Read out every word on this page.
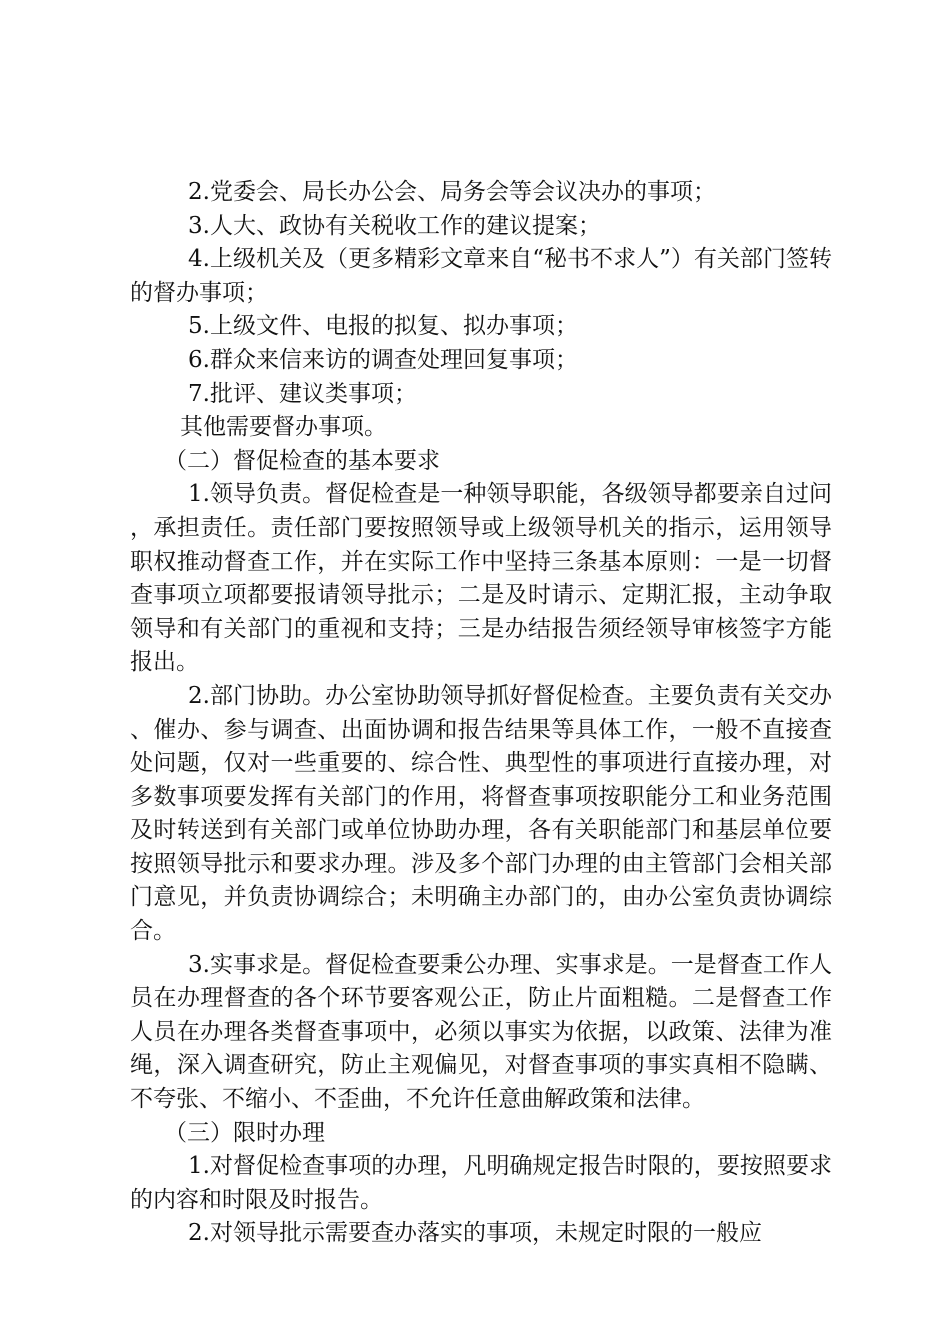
2.党委会、局长办公会、局务会等会议决办的事项；

3.人大、政协有关税收工作的建议提案；

4.上级机关及（更多精彩文章来自“秘书不求人”）有关部门签转的督办事项；

5.上级文件、电报的拟复、拟办事项；

6.群众来信来访的调查处理回复事项；

7.批评、建议类事项；

其他需要督办事项。

（二）督促检查的基本要求

1.领导负责。督促检查是一种领导职能，各级领导都要亲自过问，承担责任。责任部门要按照领导或上级领导机关的指示，运用领导职权推动督查工作，并在实际工作中坚持三条基本原则：一是一切督查事项立项都要报请领导批示；二是及时请示、定期汇报，主动争取领导和有关部门的重视和支持；三是办结报告须经领导审核签字方能报出。

2.部门协助。办公室协助领导抓好督促检查。主要负责有关交办、催办、参与调查、出面协调和报告结果等具体工作，一般不直接查处问题，仅对一些重要的、综合性、典型性的事项进行直接办理，对多数事项要发挥有关部门的作用，将督查事项按职能分工和业务范围及时转送到有关部门或单位协助办理，各有关职能部门和基层单位要按照领导批示和要求办理。涉及多个部门办理的由主管部门会相关部门意见，并负责协调综合；未明确主办部门的，由办公室负责协调综合。

3.实事求是。督促检查要秉公办理、实事求是。一是督查工作人员在办理督查的各个环节要客观公正，防止片面粗糙。二是督查工作人员在办理各类督查事项中，必须以事实为依据，以政策、法律为准绳，深入调查研究，防止主观偏见，对督查事项的事实真相不隐瞒、不夸张、不缩小、不歪曲，不允许任意曲解政策和法律。

（三）限时办理

1.对督促检查事项的办理，凡明确规定报告时限的，要按照要求的内容和时限及时报告。

2.对领导批示需要查办落实的事项，未规定时限的一般应
